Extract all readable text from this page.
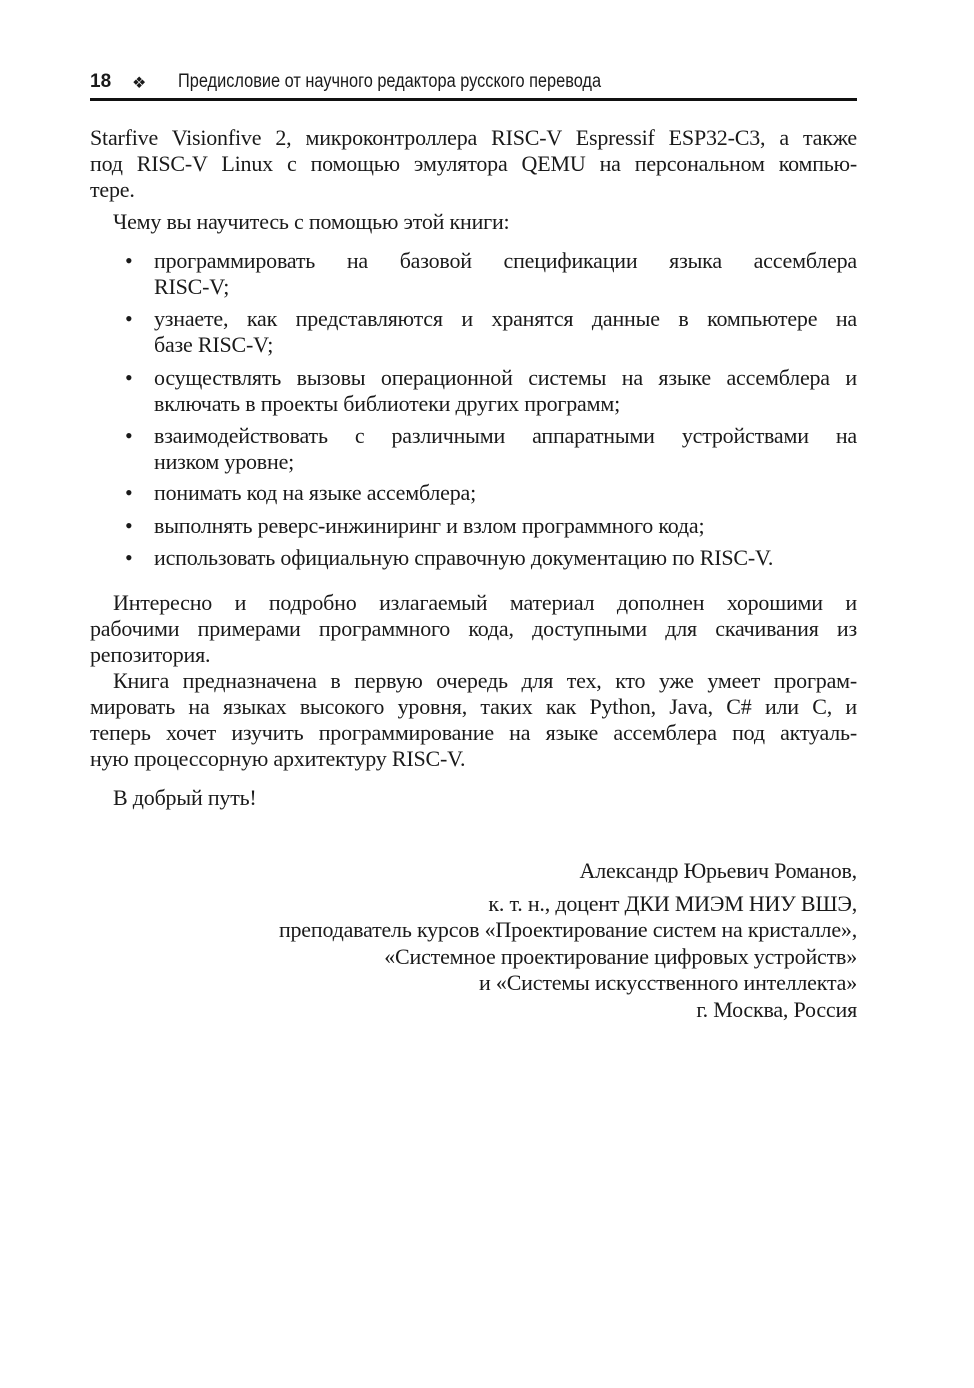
18 ❖ Предисловие от научного редактора русского перевода
Starfive Visionfive 2, микроконтроллера RISC-V Espressif ESP32-C3, а также
под RISC-V Linux с помощью эмулятора QEMU на персональном компью-
тере.
Чему вы научитесь с помощью этой книги:
• программировать на базовой спецификации языка ассемблера
RISC-V;
• узнаете, как представляются и хранятся данные в компьютере на
базе RISC-V;
• осуществлять вызовы операционной системы на языке ассемблера и
включать в проекты библиотеки других программ;
• взаимодействовать с различными аппаратными устройствами на
низком уровне;
• понимать код на языке ассемблера;
• выполнять реверс-инжиниринг и взлом программного кода;
• использовать официальную справочную документацию по RISC-V.
Интересно и подробно излагаемый материал дополнен хорошими и
рабочими примерами программного кода, доступными для скачивания из
репозитория.
Книга предназначена в первую очередь для тех, кто уже умеет програм-
мировать на языках высокого уровня, таких как Python, Java, C# или C, и
теперь хочет изучить программирование на языке ассемблера под актуаль-
ную процессорную архитектуру RISC-V.
В добрый путь!
Александр Юрьевич Романов,
к. т. н., доцент ДКИ МИЭМ НИУ ВШЭ,
преподаватель курсов «Проектирование систем на кристалле»,
«Системное проектирование цифровых устройств»
и «Системы искусственного интеллекта»
г. Москва, Россия
